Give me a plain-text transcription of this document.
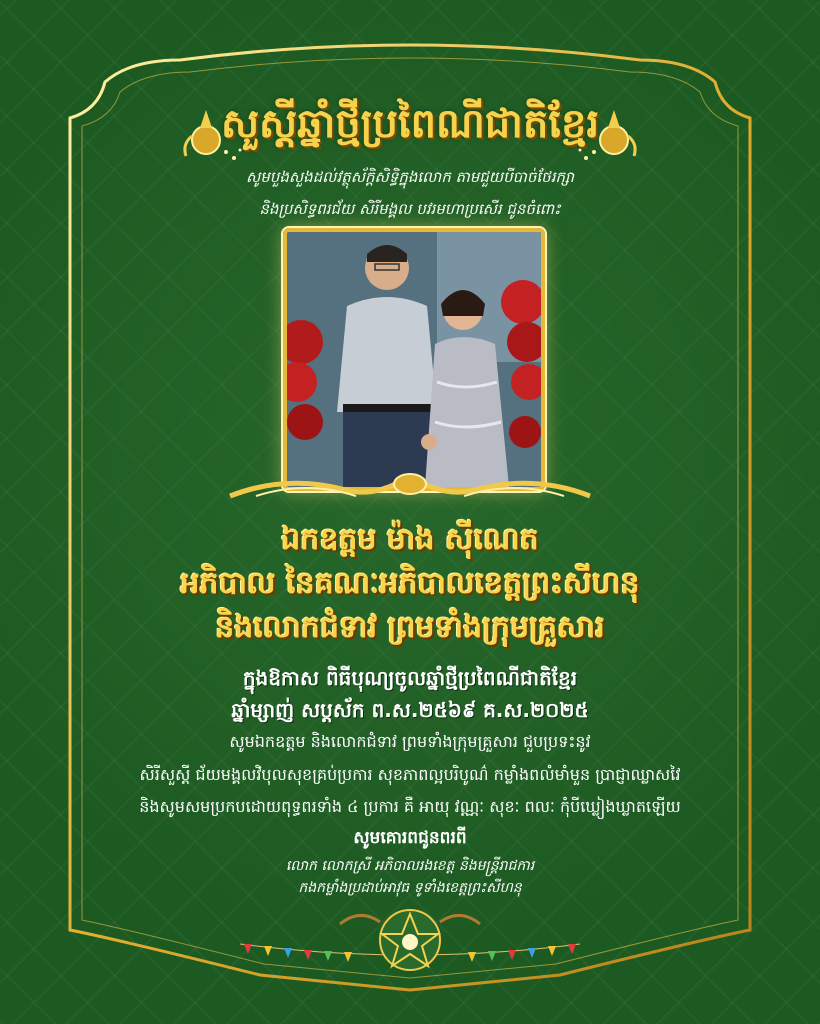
សួស្តីឆ្នាំថ្មីប្រពៃណីជាតិខ្មែរ
សូមបួងសួងដល់វត្ថុស័ក្តិសិទ្ធិក្នុងលោក តាមជួយបីបាច់ថែរក្សា
និងប្រសិទ្ធពរជ័យ សិរីមង្គល បវរមហាប្រសើរ ជូនចំពោះ
ឯកឧត្តម ម៉ាង ស៊ីណេត
អភិបាល នៃគណៈអភិបាលខេត្តព្រះសីហនុ
និងលោកជំទាវ ព្រមទាំងក្រុមគ្រួសារ
ក្នុងឱកាស ពិធីបុណ្យចូលឆ្នាំថ្មីប្រពៃណីជាតិខ្មែរ
ឆ្នាំម្សាញ់ សប្តស័ក ព.ស.២៥៦៩ គ.ស.២០២៥
សូមឯកឧត្តម និងលោកជំទាវ ព្រមទាំងក្រុមគ្រួសារ ជួបប្រទះនូវ
សិរីសួស្តី ជ័យមង្គលវិបុលសុខគ្រប់ប្រការ សុខភាពល្អបរិបូណ៌ កម្លាំងពលំមាំមួន ប្រាជ្ញាឈ្លាសវៃ
និងសូមសមប្រកបដោយពុទ្ធពរទាំង ៤ ប្រការ គឺ អាយុ វណ្ណៈ សុខៈ ពលៈ កុំបីឃ្លៀងឃ្លាតឡើយ
សូមគោរពជូនពរពី
លោក លោកស្រី អភិបាលរងខេត្ត និងមន្ត្រីរាជការ
កងកម្លាំងប្រដាប់អាវុធ ទូទាំងខេត្តព្រះសីហនុ
